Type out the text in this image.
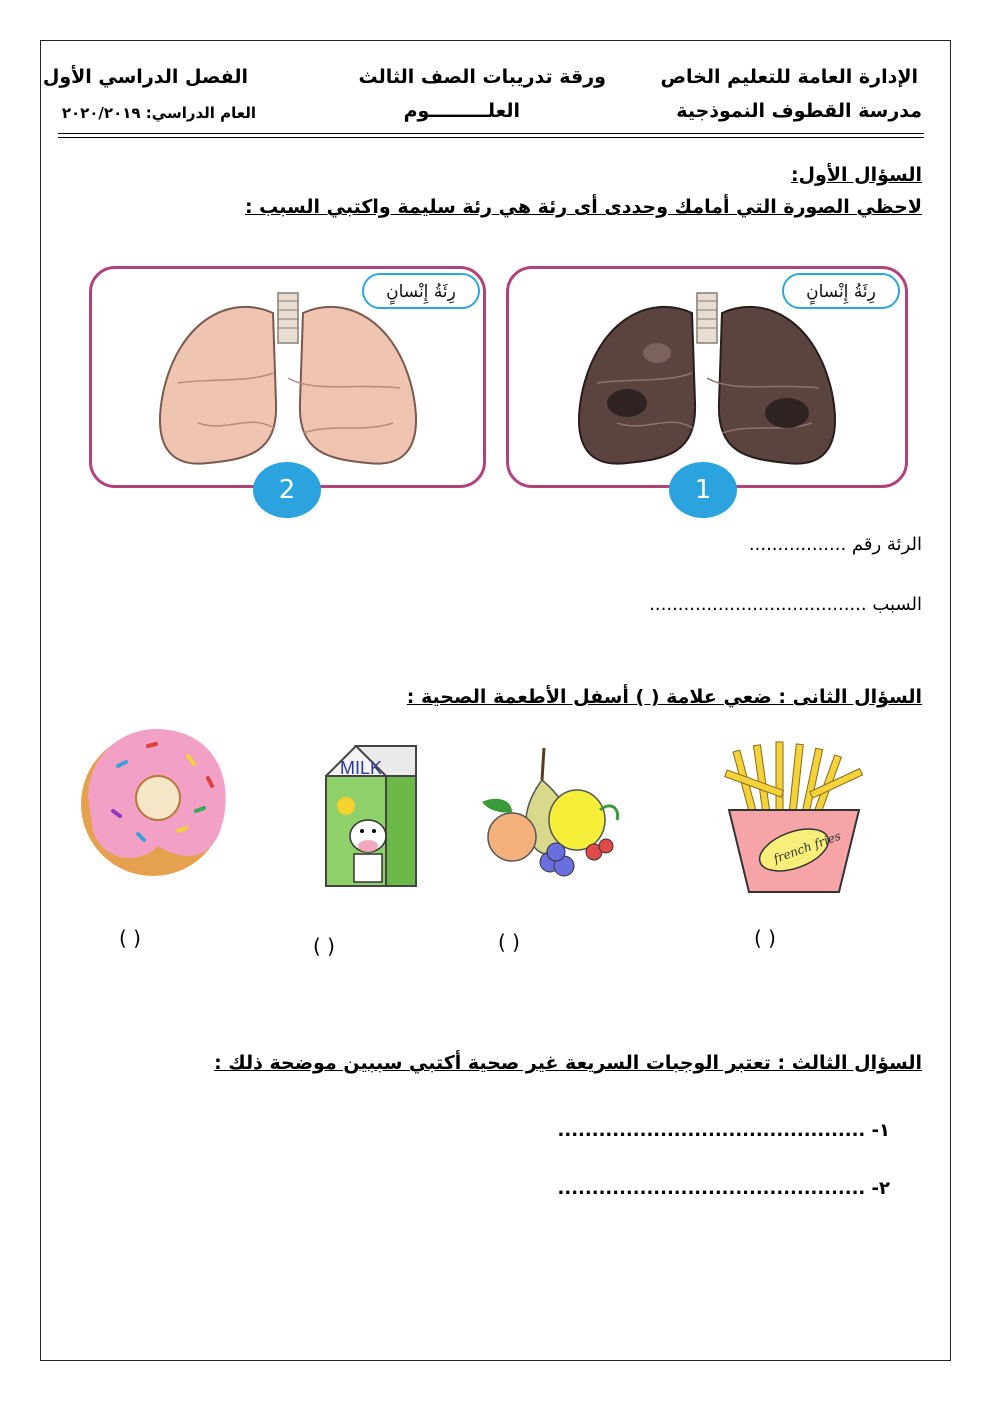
الإدارة العامة للتعليم الخاص
مدرسة القطوف النموذجية
ورقة تدريبات الصف الثالث
العلـــــــــوم
الفصل الدراسي الأول
العام الدراسي: ٢٠٢٠/٢٠١٩
السؤال الأول:
لاحظي الصورة التي أمامك وحددى أى رئة هي رئة سليمة واكتبي السبب :
رِئَةُ إِنْسانٍ
2
رِئَةُ إِنْسانٍ
1
الرئة رقم .................
السبب ......................................
السؤال الثانى : ضعي علامة ( ) أسفل الأطعمة الصحية :
MILK
french fries
( )	( )	( )	( )
السؤال الثالث : تعتبر الوجبات السريعة غير صحية أكتبي سببين موضحة ذلك :
١- .............................................
٢- .............................................
